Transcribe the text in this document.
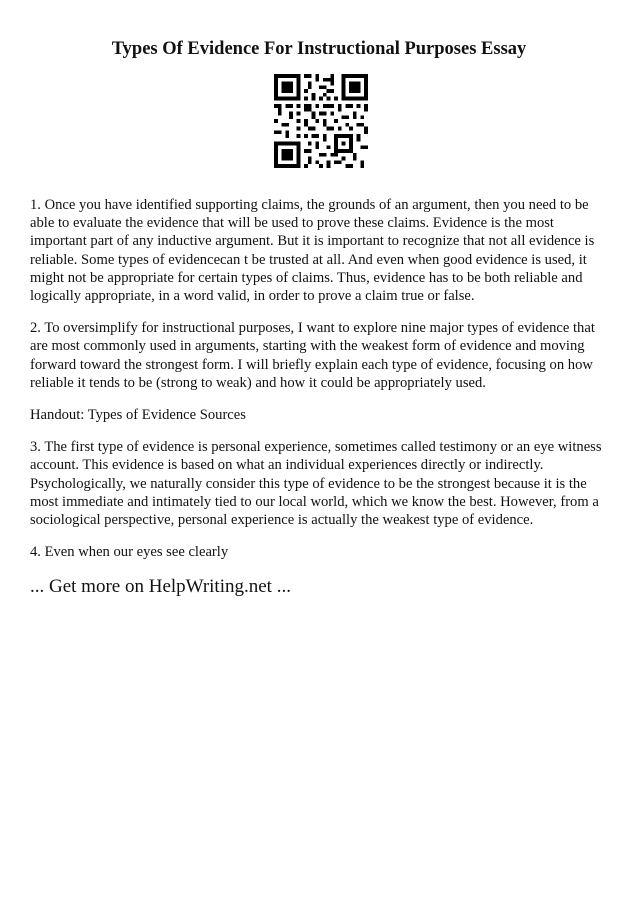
Types Of Evidence For Instructional Purposes Essay

1. Once you have identified supporting claims, the grounds of an argument, then you need to be able to evaluate the evidence that will be used to prove these claims. Evidence is the most important part of any inductive argument. But it is important to recognize that not all evidence is reliable. Some types of evidencecan t be trusted at all. And even when good evidence is used, it might not be appropriate for certain types of claims. Thus, evidence has to be both reliable and logically appropriate, in a word valid, in order to prove a claim true or false.

2. To oversimplify for instructional purposes, I want to explore nine major types of evidence that are most commonly used in arguments, starting with the weakest form of evidence and moving forward toward the strongest form. I will briefly explain each type of evidence, focusing on how reliable it tends to be (strong to weak) and how it could be appropriately used.

Handout: Types of Evidence Sources

3. The first type of evidence is personal experience, sometimes called testimony or an eye witness account. This evidence is based on what an individual experiences directly or indirectly. Psychologically, we naturally consider this type of evidence to be the strongest because it is the most immediate and intimately tied to our local world, which we know the best. However, from a sociological perspective, personal experience is actually the weakest type of evidence.

4. Even when our eyes see clearly

... Get more on HelpWriting.net ...
